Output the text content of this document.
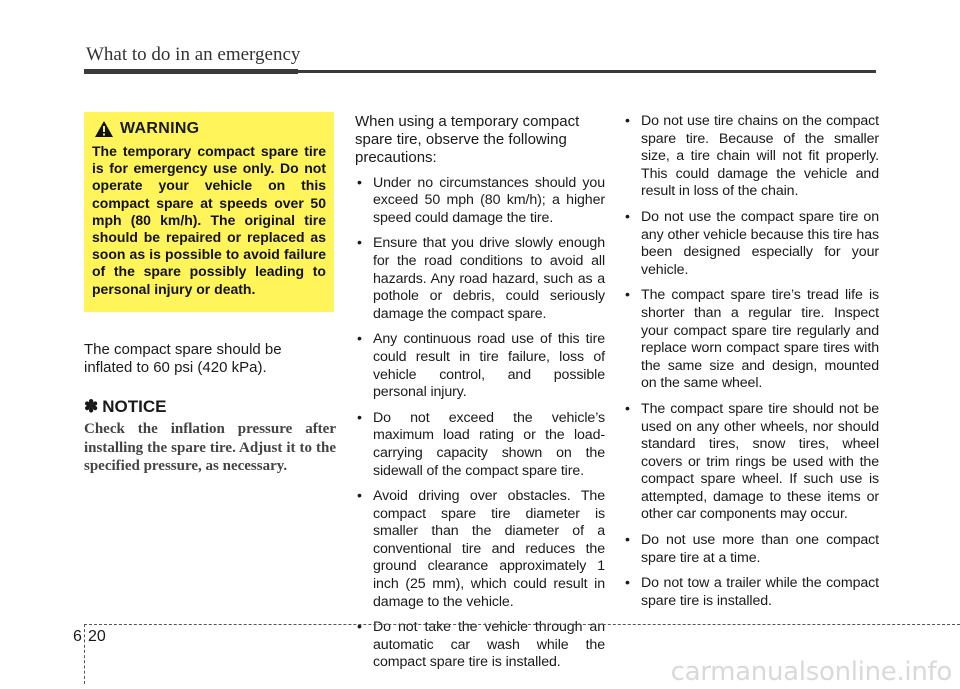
What to do in an emergency
WARNING
The temporary compact spare tire is for emergency use only. Do not operate your vehicle on this compact spare at speeds over 50 mph (80 km/h). The original tire should be repaired or replaced as soon as is possible to avoid failure of the spare possibly leading to personal injury or death.
The compact spare should be inflated to 60 psi (420 kPa).
✽ NOTICE
Check the inflation pressure after installing the spare tire. Adjust it to the specified pressure, as necessary.

When using a temporary compact spare tire, observe the following precautions:

• Under no circumstances should you exceed 50 mph (80 km/h); a higher speed could damage the tire.
• Ensure that you drive slowly enough for the road conditions to avoid all hazards. Any road hazard, such as a pothole or debris, could seriously damage the compact spare.
• Any continuous road use of this tire could result in tire failure, loss of vehicle control, and possible personal injury.
• Do not exceed the vehicle’s maximum load rating or the load-carrying capacity shown on the sidewall of the compact spare tire.
• Avoid driving over obstacles. The compact spare tire diameter is smaller than the diameter of a conventional tire and reduces the ground clearance approximately 1 inch (25 mm), which could result in damage to the vehicle.
• Do not take the vehicle through an automatic car wash while the compact spare tire is installed.
• Do not use tire chains on the compact spare tire. Because of the smaller size, a tire chain will not fit properly. This could damage the vehicle and result in loss of the chain.
• Do not use the compact spare tire on any other vehicle because this tire has been designed especially for your vehicle.
• The compact spare tire’s tread life is shorter than a regular tire. Inspect your compact spare tire regularly and replace worn compact spare tires with the same size and design, mounted on the same wheel.
• The compact spare tire should not be used on any other wheels, nor should standard tires, snow tires, wheel covers or trim rings be used with the compact spare wheel. If such use is attempted, damage to these items or other car components may occur.
• Do not use more than one compact spare tire at a time.
• Do not tow a trailer while the compact spare tire is installed.
6 20
carmanualsonline.info
